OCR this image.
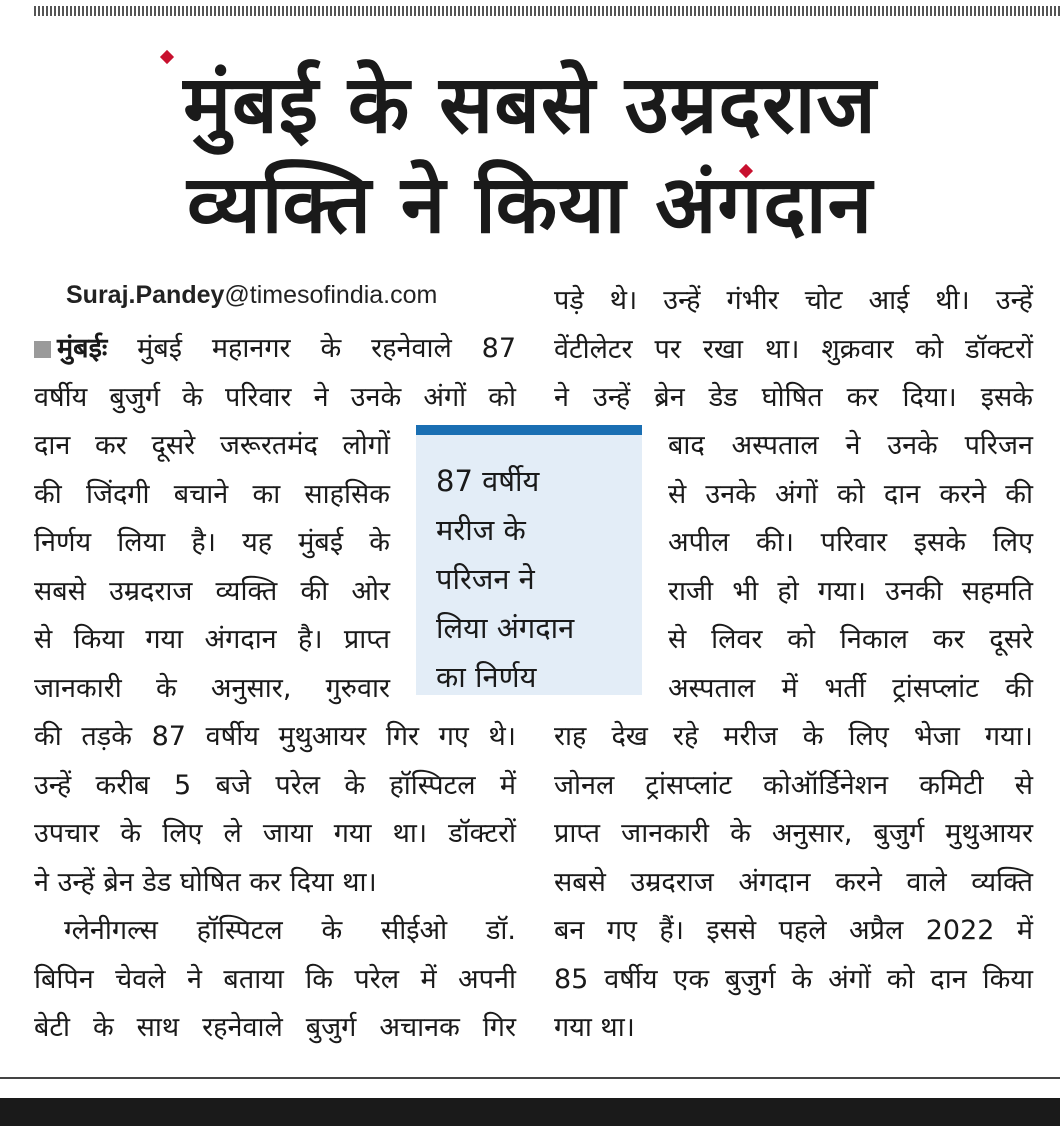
मुंबई के सबसे उम्रदराज
व्यक्ति ने किया अंगदान
Suraj.Pandey@timesofindia.com
मुंबईः मुंबई महानगर के रहनेवाले 87
वर्षीय बुजुर्ग के परिवार ने उनके अंगों को
दान कर दूसरे जरूरतमंद लोगों
की जिंदगी बचाने का साहसिक
निर्णय लिया है। यह मुंबई के
सबसे उम्रदराज व्यक्ति की ओर
से किया गया अंगदान है। प्राप्त
जानकारी के अनुसार, गुरुवार
की तड़के 87 वर्षीय मुथुआयर गिर गए थे।
उन्हें करीब 5 बजे परेल के हॉस्पिटल में
उपचार के लिए ले जाया गया था। डॉक्टरों
ने उन्हें ब्रेन डेड घोषित कर दिया था।
ग्लेनीगल्स हॉस्पिटल के सीईओ डॉ.
बिपिन चेवले ने बताया कि परेल में अपनी
बेटी के साथ रहनेवाले बुजुर्ग अचानक गिर
पड़े थे। उन्हें गंभीर चोट आई थी। उन्हें
वेंटीलेटर पर रखा था। शुक्रवार को डॉक्टरों
ने उन्हें ब्रेन डेड घोषित कर दिया। इसके
बाद अस्पताल ने उनके परिजन
से उनके अंगों को दान करने की
अपील की। परिवार इसके लिए
राजी भी हो गया। उनकी सहमति
से लिवर को निकाल कर दूसरे
अस्पताल में भर्ती ट्रांसप्लांट की
राह देख रहे मरीज के लिए भेजा गया।
जोनल ट्रांसप्लांट कोऑर्डिनेशन कमिटी से
प्राप्त जानकारी के अनुसार, बुजुर्ग मुथुआयर
सबसे उम्रदराज अंगदान करने वाले व्यक्ति
बन गए हैं। इससे पहले अप्रैल 2022 में
85 वर्षीय एक बुजुर्ग के अंगों को दान किया
गया था।
87 वर्षीय
मरीज के
परिजन ने
लिया अंगदान
का निर्णय
